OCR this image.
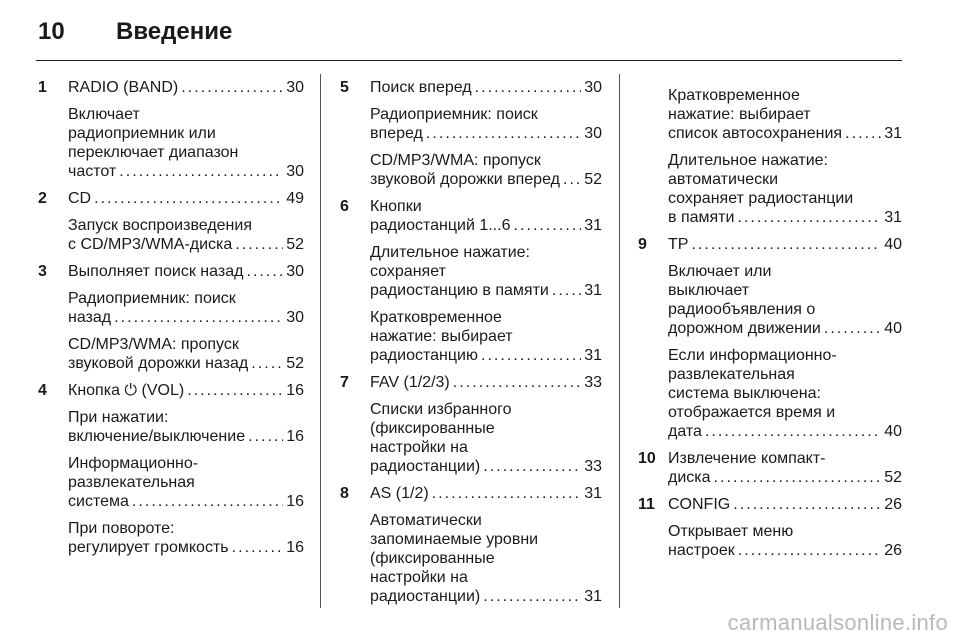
10 Введение
1 RADIO (BAND) . . .	30
Включает
радиоприемник или
переключает диапазон
частот . . .	30
2 CD . . .	49
Запуск воспроизведения
с CD/MP3/WMA-диска . . .	52
3 Выполняет поиск назад . . .	30
Радиоприемник: поиск
назад . . .	30
CD/MP3/WMA: пропуск
звуковой дорожки назад . . . 52
4 Кнопка ⏻ (VOL) . . .	16
При нажатии:
включение/выключение . . .	16
Информационно-
развлекательная
система . . .	16
При повороте:
регулирует громкость . . .	16
5 Поиск вперед . . .	30
Радиоприемник: поиск
вперед . . .	30
CD/MP3/WMA: пропуск
звуковой дорожки вперед . . . 52
6 Кнопки
радиостанций 1...6 . . .	31
Длительное нажатие:
сохраняет
радиостанцию в памяти . . . 31
Кратковременное
нажатие: выбирает
радиостанцию . . .	31
7 FAV (1/2/3) . . .	33
Списки избранного
(фиксированные
настройки на
радиостанции) . . .	33
8 AS (1/2) . . .	31
Автоматически
запоминаемые уровни
(фиксированные
настройки на
радиостанции) . . .	31
Кратковременное
нажатие: выбирает
список автосохранения . . .	31
Длительное нажатие:
автоматически
сохраняет радиостанции
в памяти . . .	31
9 TP . . .	40
Включает или
выключает
радиообъявления о
дорожном движении . . .	40
Если информационно-
развлекательная
система выключена:
отображается время и
дата . . .	40
10 Извлечение компакт-
диска . . .	52
11 CONFIG . . .	26
Открывает меню
настроек . . .	26
carmanualsonline.info
